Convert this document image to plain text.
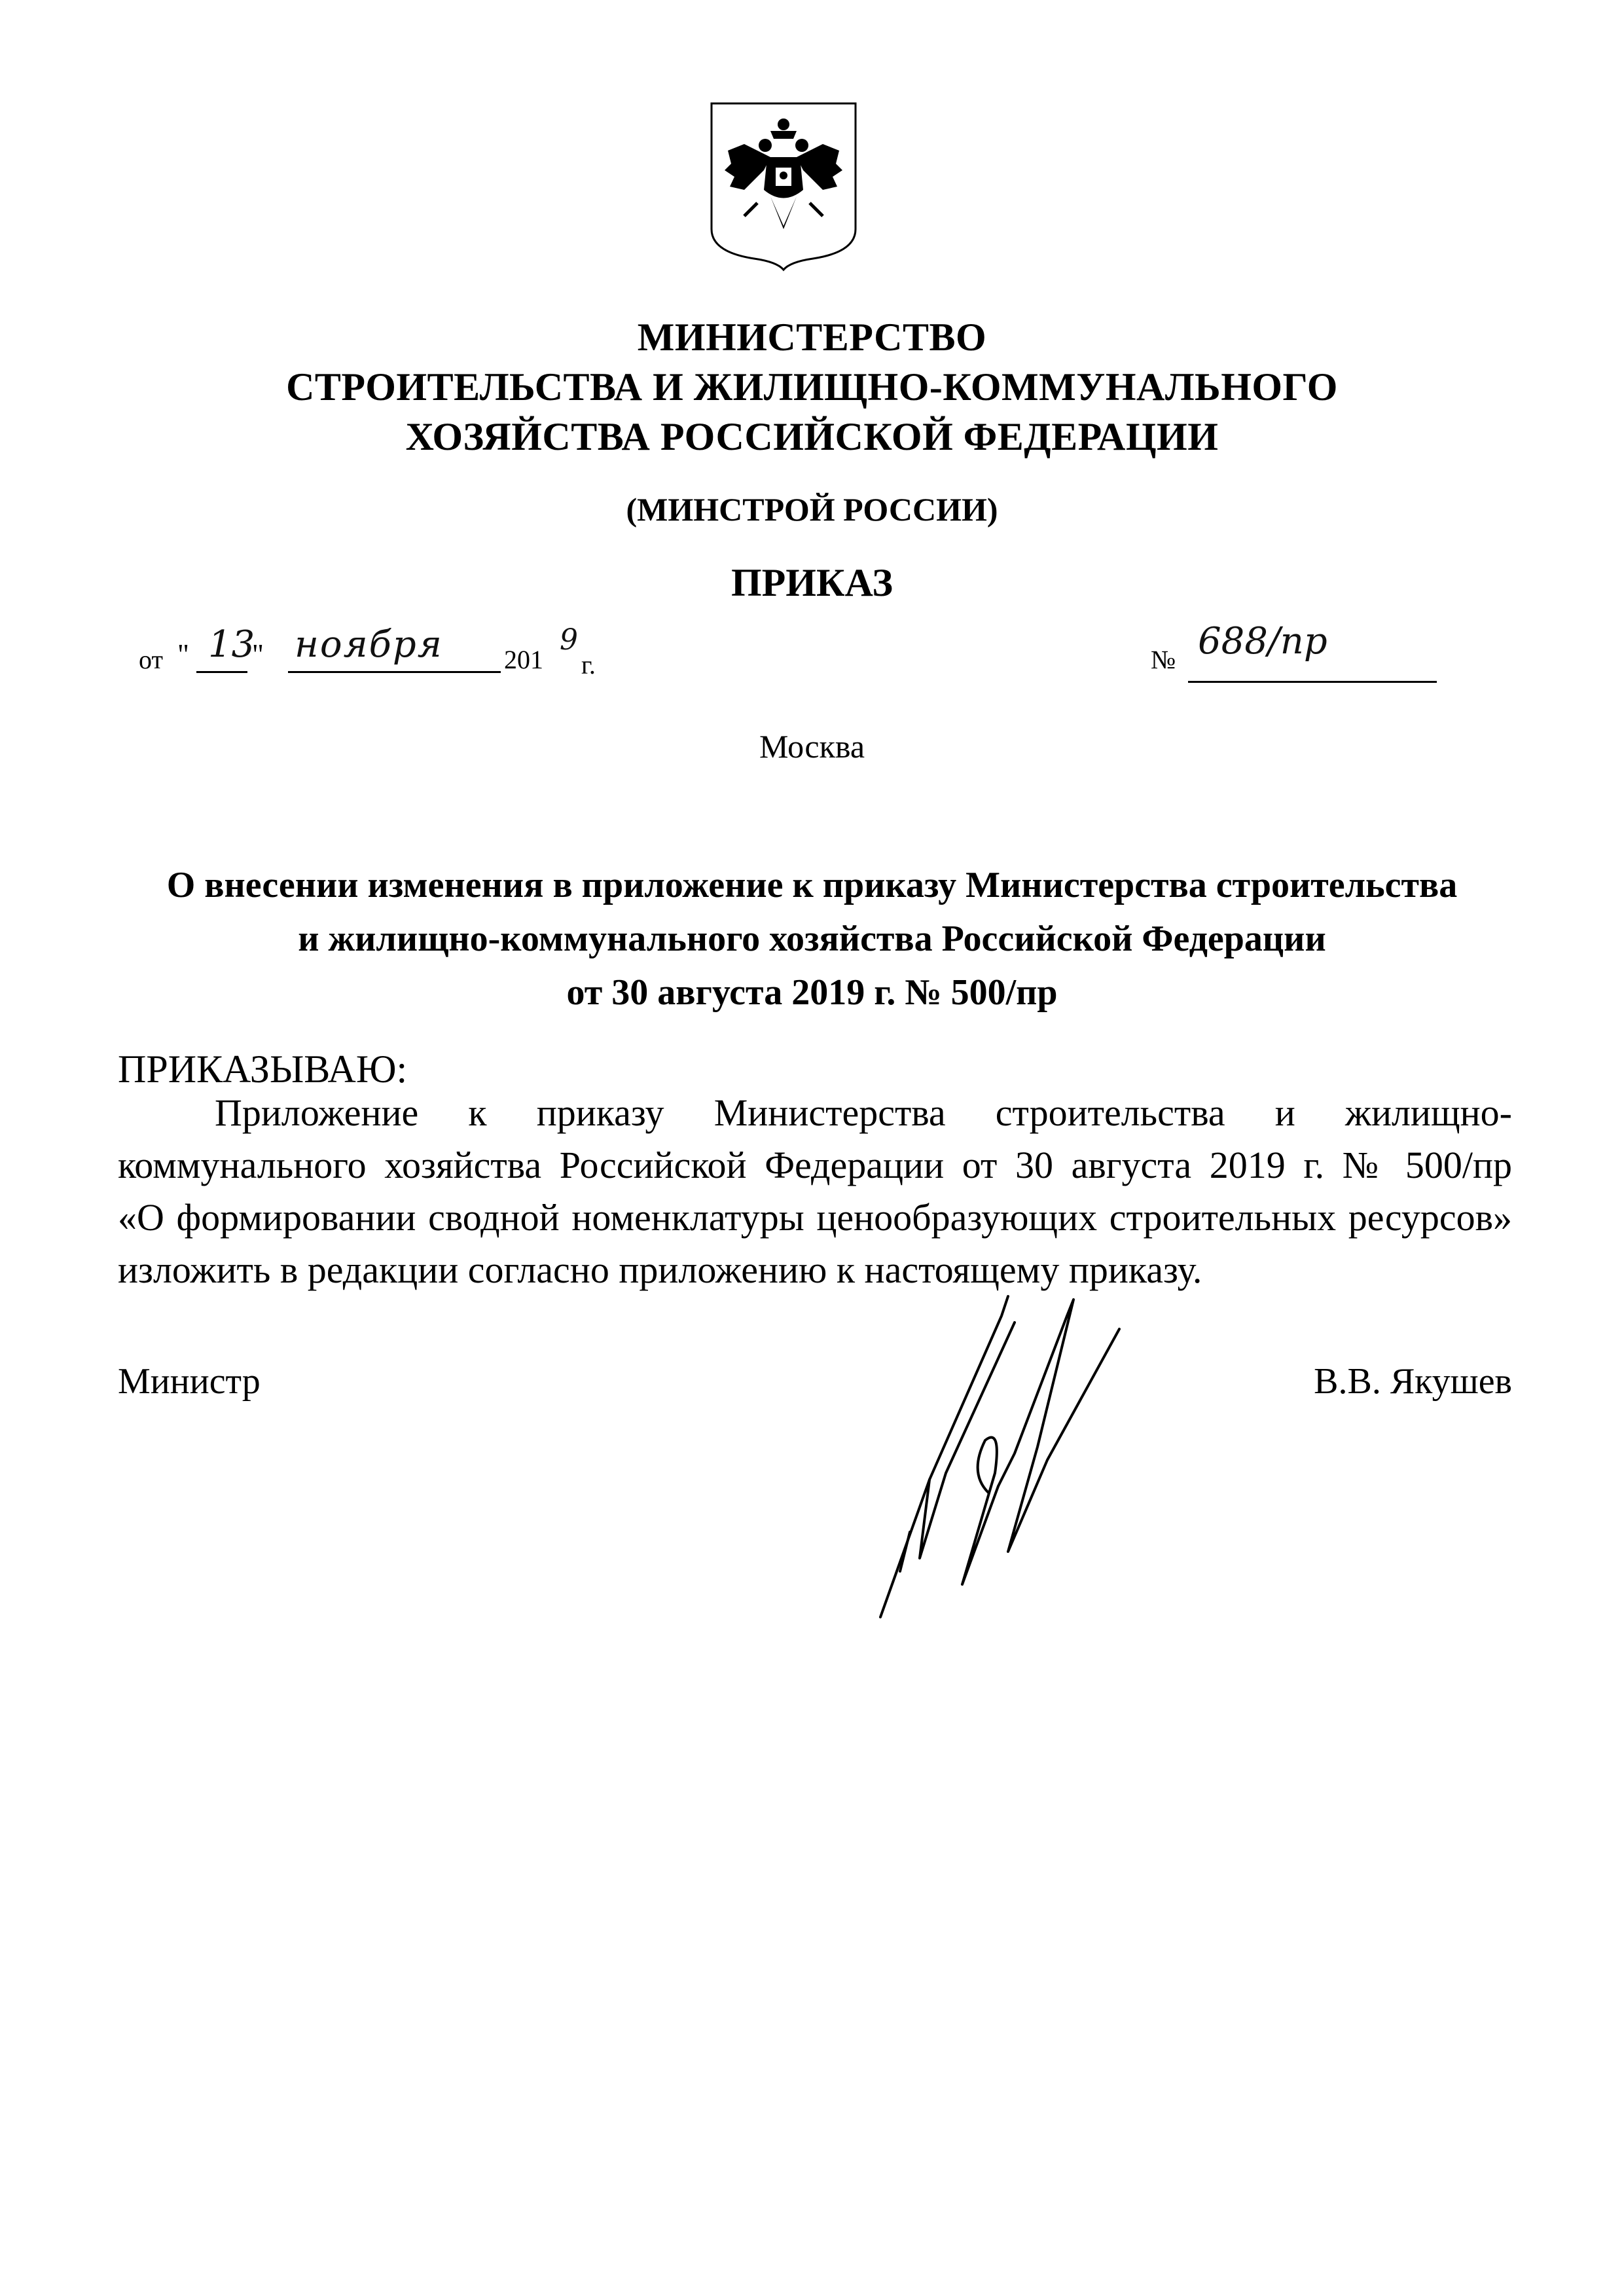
МИНИСТЕРСТВО
СТРОИТЕЛЬСТВА И ЖИЛИЩНО-КОММУНАЛЬНОГО
ХОЗЯЙСТВА РОССИЙСКОЙ ФЕДЕРАЦИИ
(МИНСТРОЙ РОССИИ)
ПРИКАЗ
от " 13
" ноября 201
9
г.	№ 688/пр
Москва
О внесении изменения в приложение к приказу Министерства строительства
и жилищно-коммунального хозяйства Российской Федерации
от 30 августа 2019 г. № 500/пр
ПРИКАЗЫВАЮ:
Приложение к приказу Министерства строительства и жилищно-
коммунального хозяйства Российской Федерации от 30 августа 2019 г. № 500/пр
«О формировании сводной номенклатуры ценообразующих строительных ресурсов»
изложить в редакции согласно приложению к настоящему приказу.
Министр	В.В. Якушев
